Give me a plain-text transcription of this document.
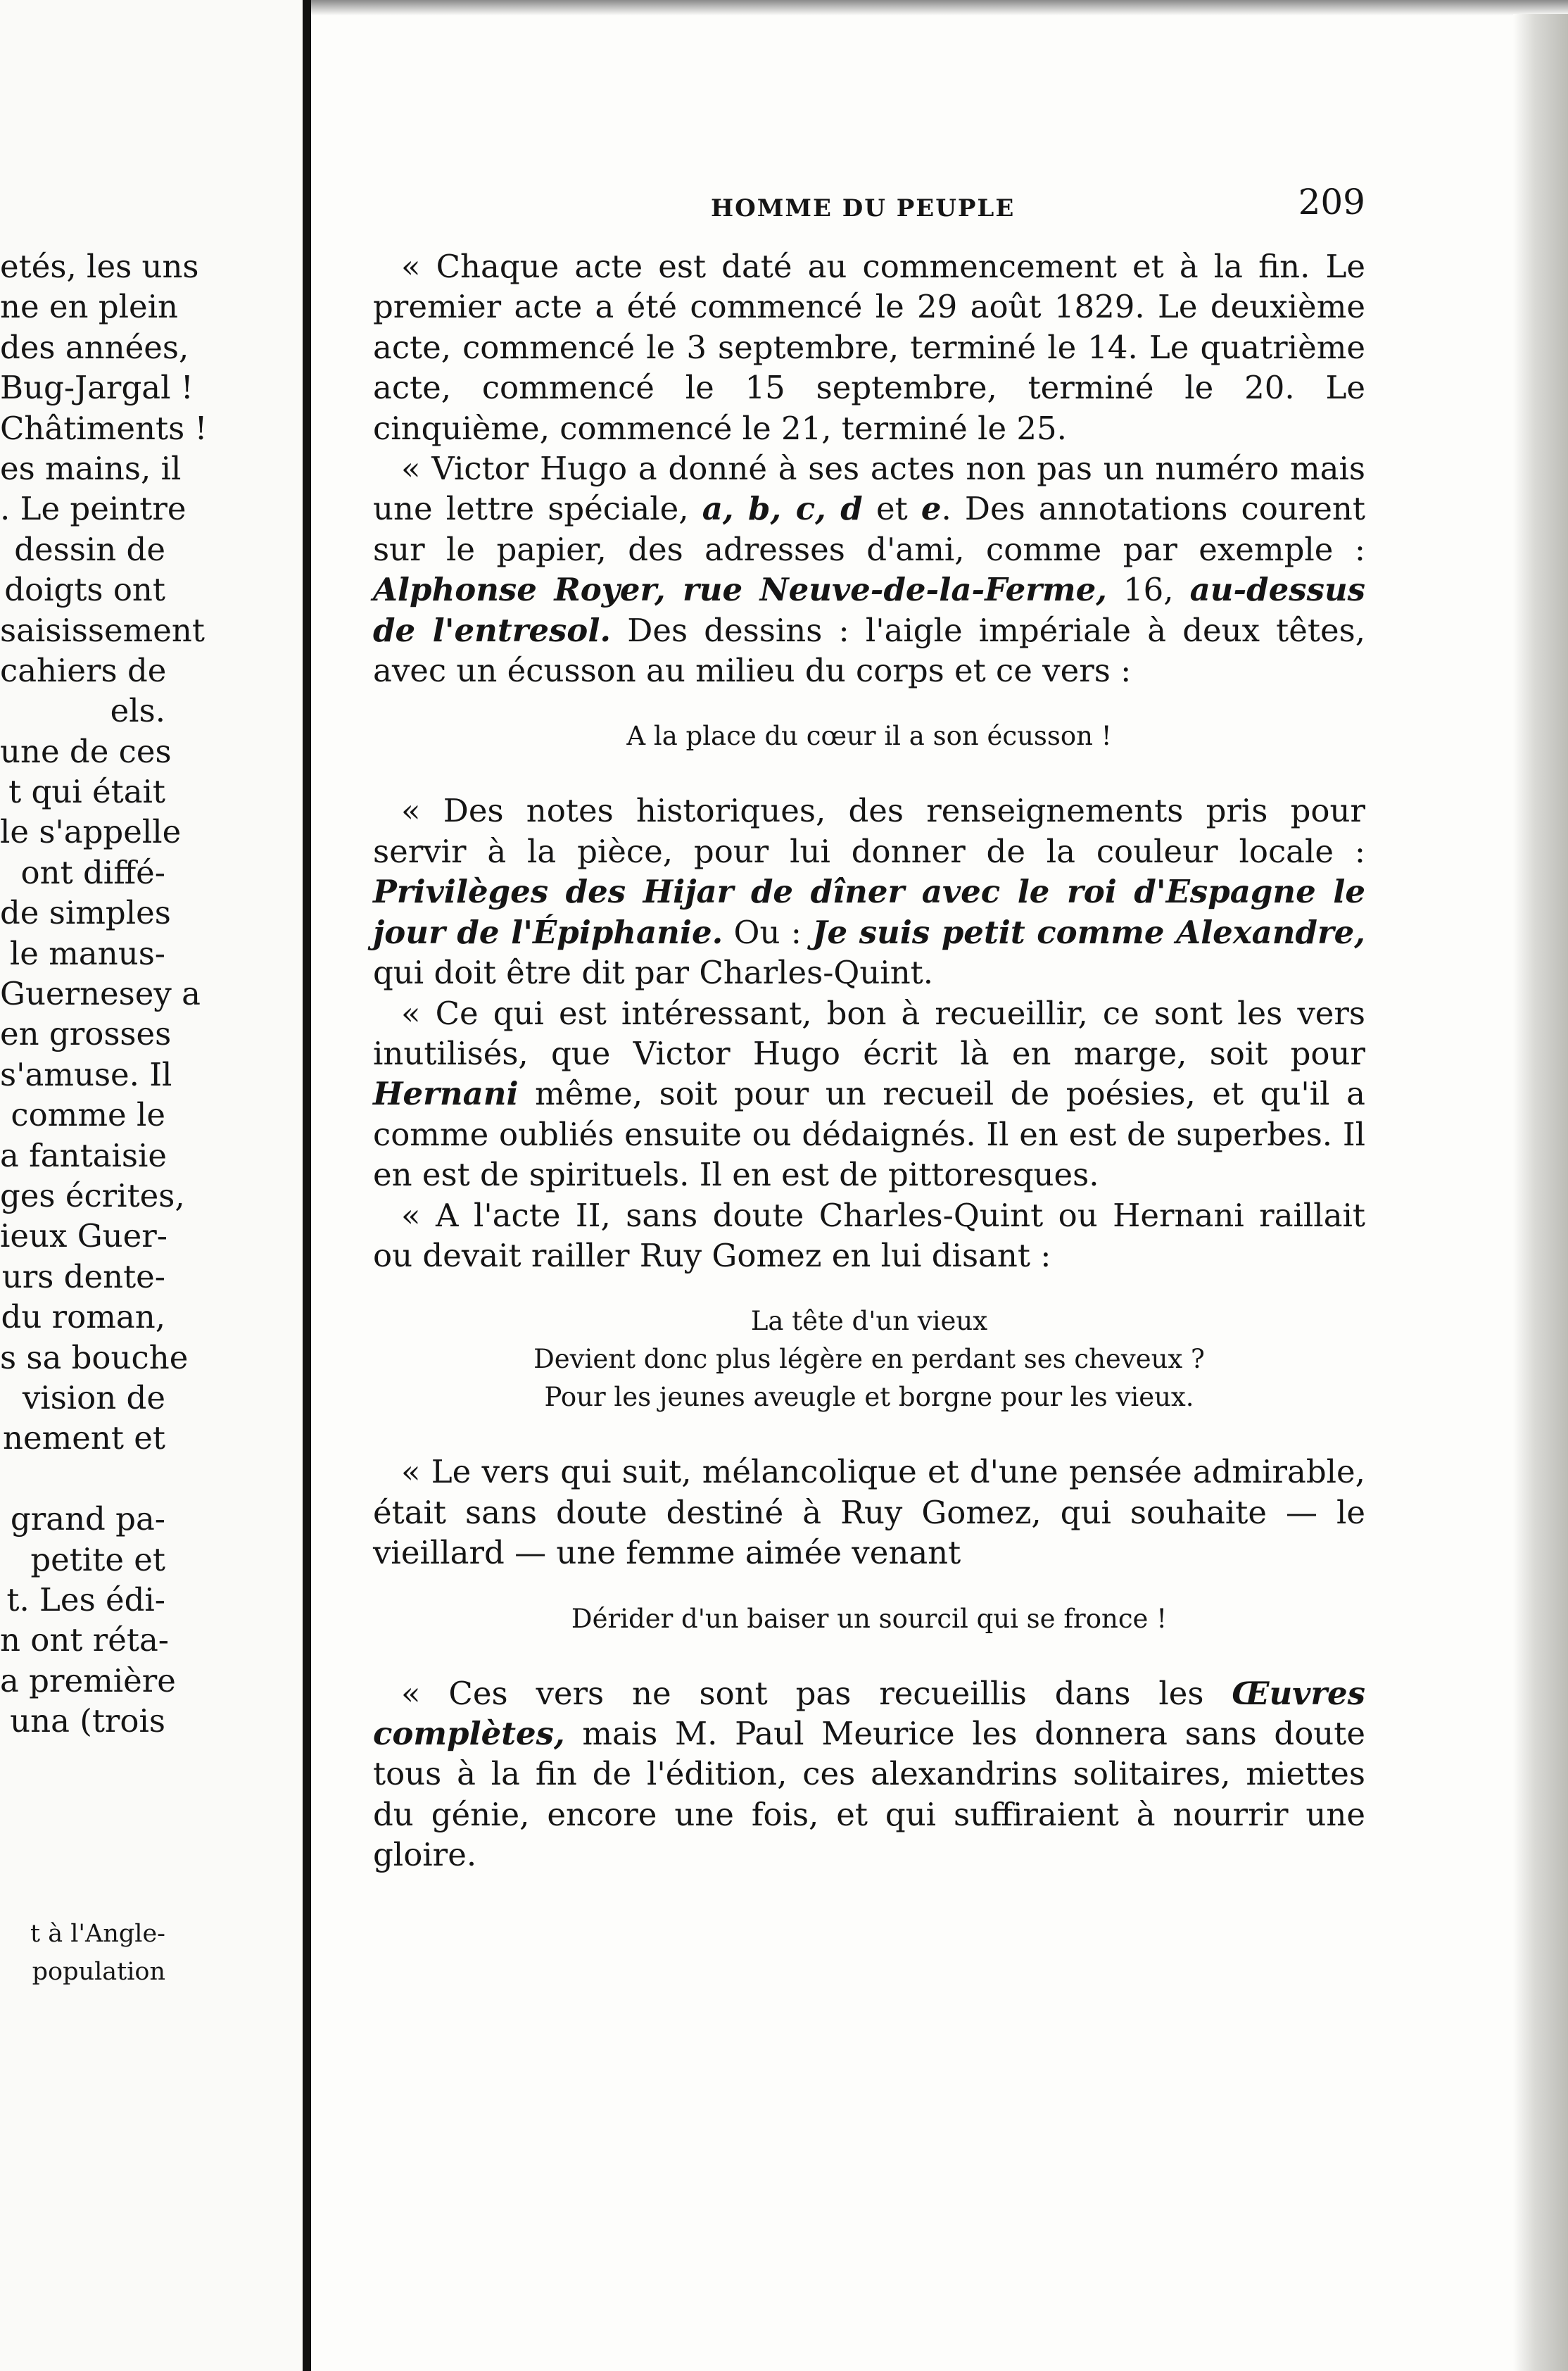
etés, les uns
ne en plein
des années,
Bug-Jargal !
Châtiments !
es mains, il
. Le peintre
dessin de
doigts ont
saisissement
cahiers de
els.
une de ces
t qui était
le s'appelle
ont diffé-
de simples
le manus-
Guernesey a
en grosses
s'amuse. Il
comme le
a fantaisie
ges écrites,
ieux Guer-
urs dente-
du roman,
s sa bouche
vision de
nement et
grand pa-
petite et
t. Les édi-
n ont réta-
a première
una (trois
t à l'Angle-
population
HOMME DU PEUPLE	209

« Chaque acte est daté au commencement et à la fin. Le premier acte a été commencé le 29 août 1829. Le deuxième acte, commencé le 3 septembre, terminé le 14. Le quatrième acte, commencé le 15 septembre, terminé le 20. Le cinquième, commencé le 21, terminé le 25.

« Victor Hugo a donné à ses actes non pas un numéro mais une lettre spéciale, a, b, c, d et e. Des annotations courent sur le papier, des adresses d'ami, comme par exemple : Alphonse Royer, rue Neuve-de-la-Ferme, 16, au-dessus de l'entresol. Des dessins : l'aigle impériale à deux têtes, avec un écusson au milieu du corps et ce vers :

A la place du cœur il a son écusson !

« Des notes historiques, des renseignements pris pour servir à la pièce, pour lui donner de la couleur locale : Privilèges des Hijar de dîner avec le roi d'Espagne le jour de l'Épiphanie. Ou : Je suis petit comme Alexandre, qui doit être dit par Charles-Quint.

« Ce qui est intéressant, bon à recueillir, ce sont les vers inutilisés, que Victor Hugo écrit là en marge, soit pour Hernani même, soit pour un recueil de poésies, et qu'il a comme oubliés ensuite ou dédaignés. Il en est de superbes. Il en est de spirituels. Il en est de pittoresques.

« A l'acte II, sans doute Charles-Quint ou Hernani raillait ou devait railler Ruy Gomez en lui disant :

La tête d'un vieux

Devient donc plus légère en perdant ses cheveux ?

Pour les jeunes aveugle et borgne pour les vieux.

« Le vers qui suit, mélancolique et d'une pensée admirable, était sans doute destiné à Ruy Gomez, qui souhaite — le vieillard — une femme aimée venant

Dérider d'un baiser un sourcil qui se fronce !

« Ces vers ne sont pas recueillis dans les Œuvres complètes, mais M. Paul Meurice les donnera sans doute tous à la fin de l'édition, ces alexandrins solitaires, miettes du génie, encore une fois, et qui suffiraient à nourrir une gloire.
